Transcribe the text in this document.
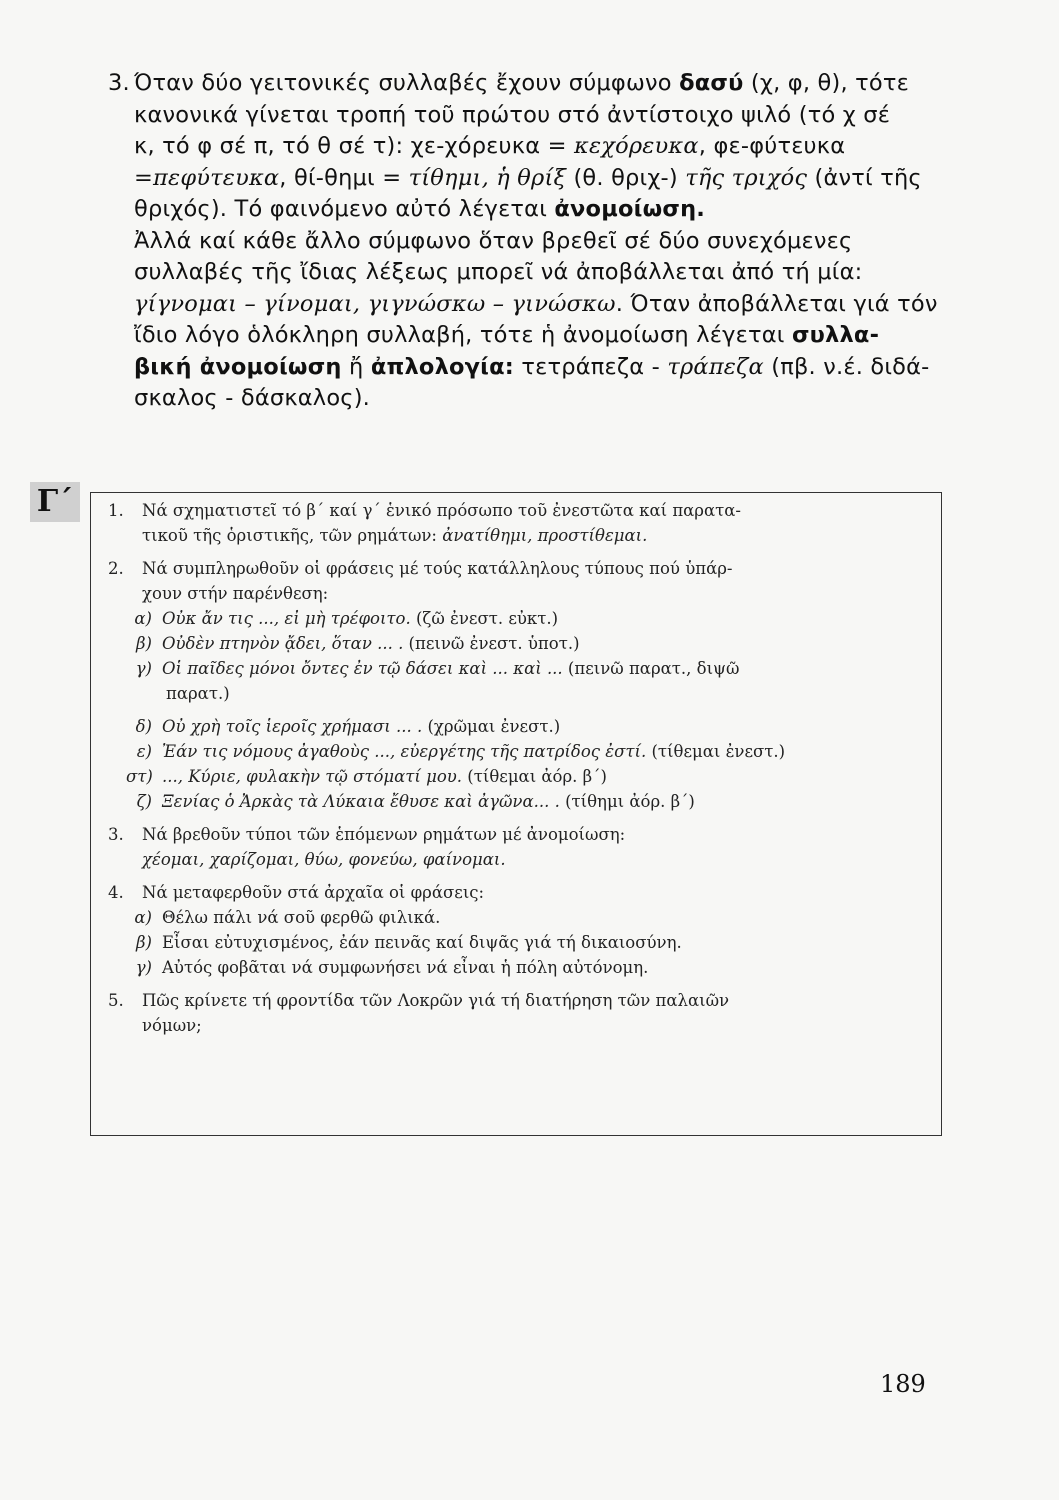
3. Όταν δύο γειτονικές συλλαβές ἔχουν σύμφωνο δασύ (χ, φ, θ), τότε
κανονικά γίνεται τροπή τοῦ πρώτου στό ἀντίστοιχο ψιλό (τό χ σέ
κ, τό φ σέ π, τό θ σέ τ): χε-χόρευκα = κεχόρευκα, φε-φύτευκα
=πεφύτευκα, θί-θημι = τίθημι, ἡ θρίξ (θ. θριχ-) τῆς τριχός (ἀντί τῆς
θριχός). Τό φαινόμενο αὐτό λέγεται ἀνομοίωση.
Ἀλλά καί κάθε ἄλλο σύμφωνο ὅταν βρεθεῖ σέ δύο συνεχόμενες
συλλαβές τῆς ἴδιας λέξεως μπορεῖ νά ἀποβάλλεται ἀπό τή μία:
γίγνομαι – γίνομαι, γιγνώσκω – γινώσκω. Όταν ἀποβάλλεται γιά τόν
ἴδιο λόγο ὁλόκληρη συλλαβή, τότε ἡ ἀνομοίωση λέγεται συλλα-
βική ἀνομοίωση ἤ ἀπλολογία: τετράπεζα - τράπεζα (πβ. ν.έ. διδά-
σκαλος - δάσκαλος).
Γ΄	1. Νά σχηματιστεῖ τό β΄ καί γ΄ ἑνικό πρόσωπο τοῦ ἐνεστῶτα καί παρατα-
τικοῦ τῆς ὁριστικῆς, τῶν ρημάτων: ἀνατίθημι, προστίθεμαι.
2. Νά συμπληρωθοῦν οἱ φράσεις μέ τούς κατάλληλους τύπους πού ὑπάρ-
χουν στήν παρένθεση:
α) Οὐκ ἄν τις ..., εἰ μὴ τρέφοιτο. (ζῶ ἐνεστ. εὐκτ.)
β) Οὐδὲν πτηνὸν ᾄδει, ὅταν ... . (πεινῶ ἐνεστ. ὑποτ.)
γ) Οἱ παῖδες μόνοι ὄντες ἐν τῷ δάσει καὶ ... καὶ ... (πεινῶ παρατ., διψῶ
παρατ.)
δ) Οὐ χρὴ τοῖς ἱεροῖς χρήμασι ... . (χρῶμαι ἐνεστ.)
ε) Ἐάν τις νόμους ἀγαθοὺς ..., εὐεργέτης τῆς πατρίδος ἐστί. (τίθεμαι ἐνεστ.)
στ) ..., Κύριε, φυλακὴν τῷ στόματί μου. (τίθεμαι ἀόρ. β΄)
ζ) Ξενίας ὁ Ἀρκὰς τὰ Λύκαια ἔθυσε καὶ ἀγῶνα... . (τίθημι ἀόρ. β΄)
3. Νά βρεθοῦν τύποι τῶν ἑπόμενων ρημάτων μέ ἀνομοίωση:
χέομαι, χαρίζομαι, θύω, φονεύω, φαίνομαι.
4. Νά μεταφερθοῦν στά ἀρχαῖα οἱ φράσεις:
α) Θέλω πάλι νά σοῦ φερθῶ φιλικά.
β) Εἶσαι εὐτυχισμένος, ἐάν πεινᾶς καί διψᾶς γιά τή δικαιοσύνη.
γ) Αὐτός φοβᾶται νά συμφωνήσει νά εἶναι ἡ πόλη αὐτόνομη.
5. Πῶς κρίνετε τή φροντίδα τῶν Λοκρῶν γιά τή διατήρηση τῶν παλαιῶν
νόμων;
189
